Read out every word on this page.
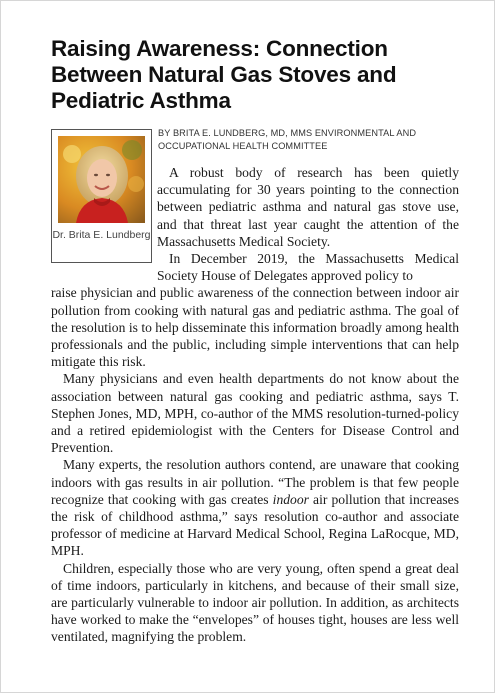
Raising Awareness: Connection Between Natural Gas Stoves and Pediatric Asthma
Dr. Brita E. Lundberg
BY BRITA E. LUNDBERG, MD, MMS ENVIRONMENTAL AND OCCUPATIONAL HEALTH COMMITTEE

A robust body of research has been quietly accumulating for 30 years pointing to the connection between pediatric asthma and natural gas stove use, and that threat last year caught the attention of the Massachusetts Medical Society.

In December 2019, the Massachusetts Medical Society House of Delegates approved policy to

raise physician and public awareness of the connection between indoor air pollution from cooking with natural gas and pediatric asthma. The goal of the resolution is to help disseminate this information broadly among health professionals and the public, including simple interventions that can help mitigate this risk.

Many physicians and even health departments do not know about the association between natural gas cooking and pediatric asthma, says T. Stephen Jones, MD, MPH, co-author of the MMS resolution-turned-policy and a retired epidemiologist with the Centers for Disease Control and Prevention.

Many experts, the resolution authors contend, are unaware that cooking indoors with gas results in air pollution. “The problem is that few people recognize that cooking with gas creates indoor air pollution that increases the risk of childhood asthma,” says resolution co-author and associate professor of medicine at Harvard Medical School, Regina LaRocque, MD, MPH.

Children, especially those who are very young, often spend a great deal of time indoors, particularly in kitchens, and because of their small size, are particularly vulnerable to indoor air pollution. In addition, as architects have worked to make the “envelopes” of houses tight, houses are less well ventilated, magnifying the problem.
